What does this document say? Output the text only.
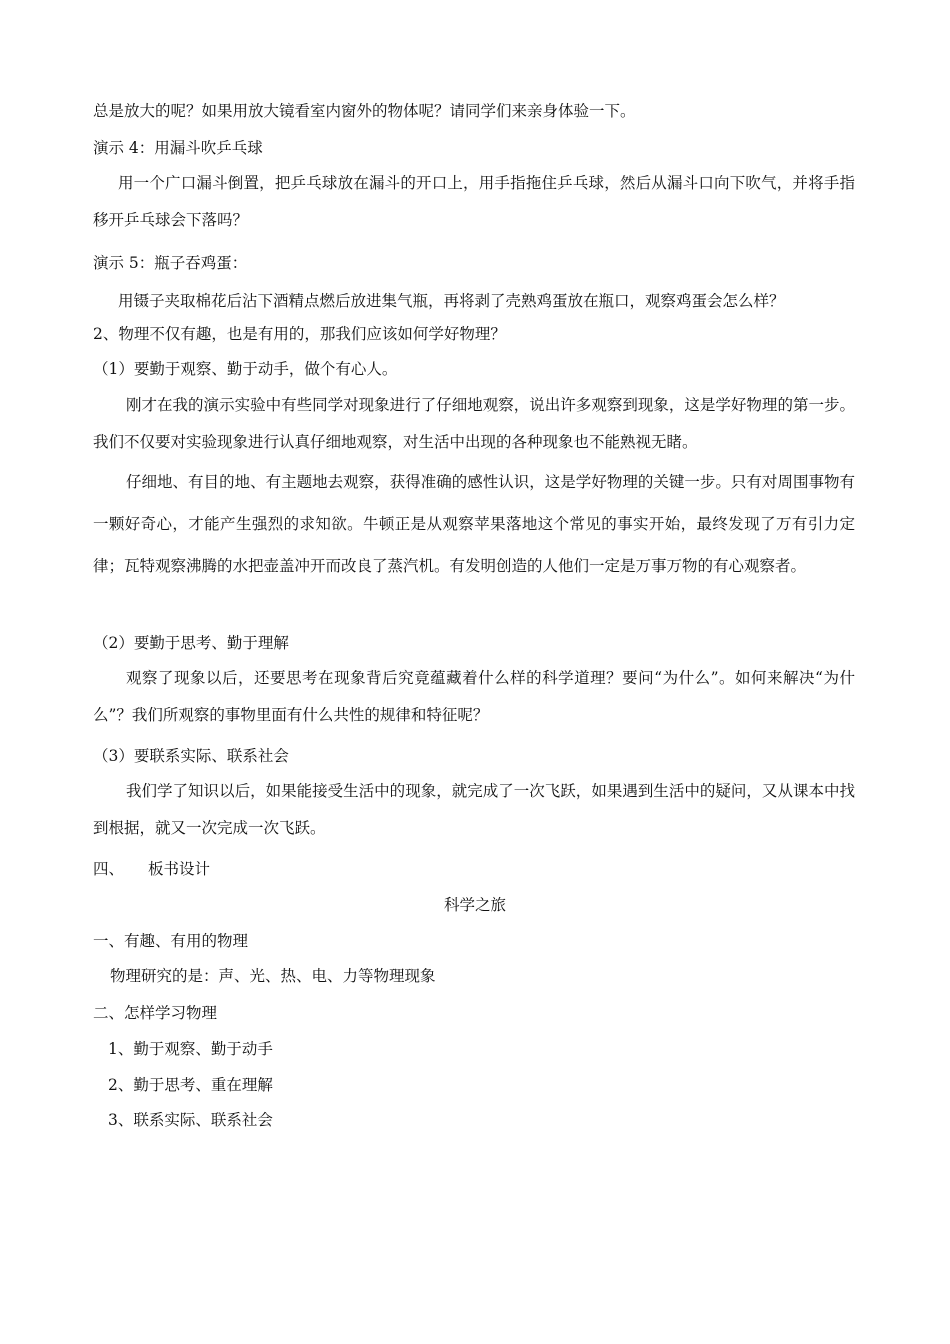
总是放大的呢？如果用放大镜看室内窗外的物体呢？请同学们来亲身体验一下。
演示 4：用漏斗吹乒乓球
用一个广口漏斗倒置，把乒乓球放在漏斗的开口上，用手指拖住乒乓球，然后从漏斗口向下吹气，并将手指移开乒乓球会下落吗？
演示 5：瓶子吞鸡蛋：
用镊子夹取棉花后沾下酒精点燃后放进集气瓶，再将剥了壳熟鸡蛋放在瓶口，观察鸡蛋会怎么样？
2、物理不仅有趣，也是有用的，那我们应该如何学好物理？
（1）要勤于观察、勤于动手，做个有心人。
刚才在我的演示实验中有些同学对现象进行了仔细地观察，说出许多观察到现象，这是学好物理的第一步。我们不仅要对实验现象进行认真仔细地观察，对生活中出现的各种现象也不能熟视无睹。
仔细地、有目的地、有主题地去观察，获得准确的感性认识，这是学好物理的关键一步。只有对周围事物有一颗好奇心，才能产生强烈的求知欲。牛顿正是从观察苹果落地这个常见的事实开始，最终发现了万有引力定律；瓦特观察沸腾的水把壶盖冲开而改良了蒸汽机。有发明创造的人他们一定是万事万物的有心观察者。
（2）要勤于思考、勤于理解
观察了现象以后，还要思考在现象背后究竟蕴藏着什么样的科学道理？要问“为什么”。如何来解决“为什么”？我们所观察的事物里面有什么共性的规律和特征呢？
（3）要联系实际、联系社会
我们学了知识以后，如果能接受生活中的现象，就完成了一次飞跃，如果遇到生活中的疑问，又从课本中找到根据，就又一次完成一次飞跃。
四、 板书设计
科学之旅
一、有趣、有用的物理
物理研究的是：声、光、热、电、力等物理现象
二、怎样学习物理
1、勤于观察、勤于动手
2、勤于思考、重在理解
3、联系实际、联系社会
